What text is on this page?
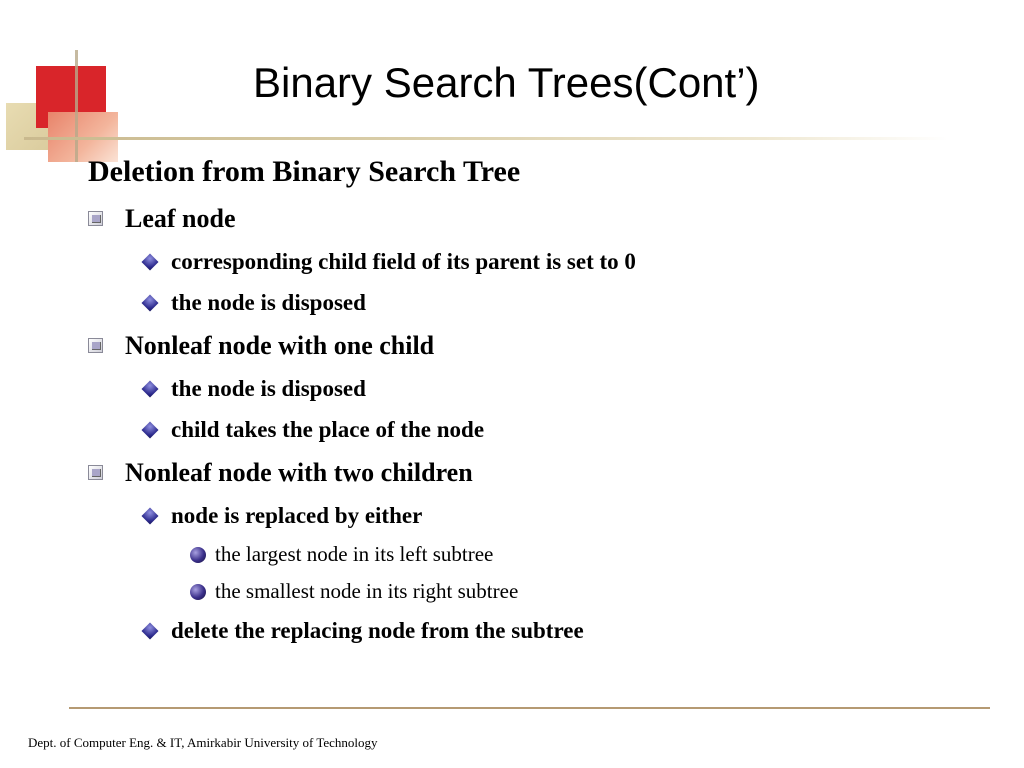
Binary Search Trees(Cont’)
Deletion from Binary Search Tree
Leaf node
corresponding child field of its parent is set to 0
the node is disposed
Nonleaf node with one child
the node is disposed
child takes the place of the node
Nonleaf node with two children
node is replaced by either
the largest node in its left subtree
the smallest node in its right subtree
delete the replacing node from the subtree
Dept. of Computer Eng. & IT, Amirkabir University of Technology
